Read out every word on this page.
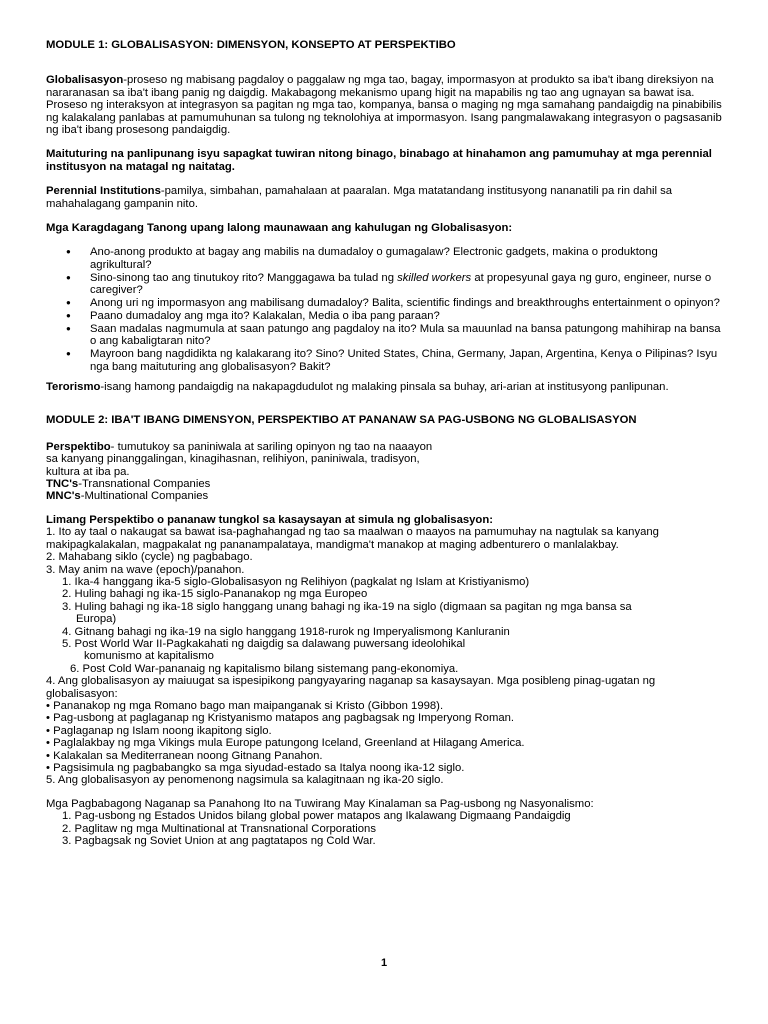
MODULE 1: GLOBALISASYON: DIMENSYON, KONSEPTO AT PERSPEKTIBO

Globalisasyon-proseso ng mabisang pagdaloy o paggalaw ng mga tao, bagay, impormasyon at produkto sa iba't ibang direksiyon na nararanasan sa iba't ibang panig ng daigdig. Makabagong mekanismo upang higit na mapabilis ng tao ang ugnayan sa bawat isa. Proseso ng interaksyon at integrasyon sa pagitan ng mga tao, kompanya, bansa o maging ng mga samahang pandaigdig na pinabibilis ng kalakalang panlabas at pamumuhunan sa tulong ng teknolohiya at impormasyon. Isang pangmalawakang integrasyon o pagsasanib ng iba't ibang prosesong pandaigdig.

Maituturing na panlipunang isyu sapagkat tuwiran nitong binago, binabago at hinahamon ang pamumuhay at mga perennial institusyon na matagal ng naitatag.

Perennial Institutions-pamilya, simbahan, pamahalaan at paaralan. Mga matatandang institusyong nananatili pa rin dahil sa mahahalagang gampanin nito.

Mga Karagdagang Tanong upang lalong maunawaan ang kahulugan ng Globalisasyon:

● Ano-anong produkto at bagay ang mabilis na dumadaloy o gumagalaw? Electronic gadgets, makina o produktong agrikultural?
● Sino-sinong tao ang tinutukoy rito? Manggagawa ba tulad ng skilled workers at propesyunal gaya ng guro, engineer, nurse o caregiver?
● Anong uri ng impormasyon ang mabilisang dumadaloy? Balita, scientific findings and breakthroughs entertainment o opinyon?
● Paano dumadaloy ang mga ito? Kalakalan, Media o iba pang paraan?
● Saan madalas nagmumula at saan patungo ang pagdaloy na ito? Mula sa mauunlad na bansa patungong mahihirap na bansa o ang kabaligtaran nito?
● Mayroon bang nagdidikta ng kalakarang ito? Sino? United States, China, Germany, Japan, Argentina, Kenya o Pilipinas? Isyu nga bang maituturing ang globalisasyon? Bakit?

Terorismo-isang hamong pandaigdig na nakapagdudulot ng malaking pinsala sa buhay, ari-arian at institusyong panlipunan.

MODULE 2: IBA'T IBANG DIMENSYON, PERSPEKTIBO AT PANANAW SA PAG-USBONG NG GLOBALISASYON
Perspektibo- tumutukoy sa paniniwala at sariling opinyon ng tao na naaayon
sa kanyang pinanggalingan, kinagihasnan, relihiyon, paniniwala, tradisyon,
kultura at iba pa.
TNC's-Transnational Companies
MNC's-Multinational Companies
Limang Perspektibo o pananaw tungkol sa kasaysayan at simula ng globalisasyon:
1. Ito ay taal o nakaugat sa bawat isa-paghahangad ng tao sa maalwan o maayos na pamumuhay na nagtulak sa kanyang makipagkalakalan, magpakalat ng pananampalataya, mandigma't manakop at maging adbenturero o manlalakbay.
2. Mahabang siklo (cycle) ng pagbabago.
3. May anim na wave (epoch)/panahon.
1. Ika-4 hanggang ika-5 siglo-Globalisasyon ng Relihiyon (pagkalat ng Islam at Kristiyanismo)
2. Huling bahagi ng ika-15 siglo-Pananakop ng mga Europeo
3. Huling bahagi ng ika-18 siglo hanggang unang bahagi ng ika-19 na siglo (digmaan sa pagitan ng mga bansa sa
Europa)
4. Gitnang bahagi ng ika-19 na siglo hanggang 1918-rurok ng Imperyalismong Kanluranin
5. Post World War II-Pagkakahati ng daigdig sa dalawang puwersang ideolohikal
komunismo at kapitalismo
6. Post Cold War-pananaig ng kapitalismo bilang sistemang pang-ekonomiya.
4. Ang globalisasyon ay maiuugat sa ispesipikong pangyayaring naganap sa kasaysayan. Mga posibleng pinag-ugatan ng globalisasyon:
• Pananakop ng mga Romano bago man maipanganak si Kristo (Gibbon 1998).
• Pag-usbong at paglaganap ng Kristyanismo matapos ang pagbagsak ng Imperyong Roman.
• Paglaganap ng Islam noong ikapitong siglo.
• Paglalakbay ng mga Vikings mula Europe patungong Iceland, Greenland at Hilagang America.
• Kalakalan sa Mediterranean noong Gitnang Panahon.
• Pagsisimula ng pagbabangko sa mga siyudad-estado sa Italya noong ika-12 siglo.
5. Ang globalisasyon ay penomenong nagsimula sa kalagitnaan ng ika-20 siglo.
Mga Pagbabagong Naganap sa Panahong Ito na Tuwirang May Kinalaman sa Pag-usbong ng Nasyonalismo:
1. Pag-usbong ng Estados Unidos bilang global power matapos ang Ikalawang Digmaang Pandaigdig
2. Paglitaw ng mga Multinational at Transnational Corporations
3. Pagbagsak ng Soviet Union at ang pagtatapos ng Cold War.
1
